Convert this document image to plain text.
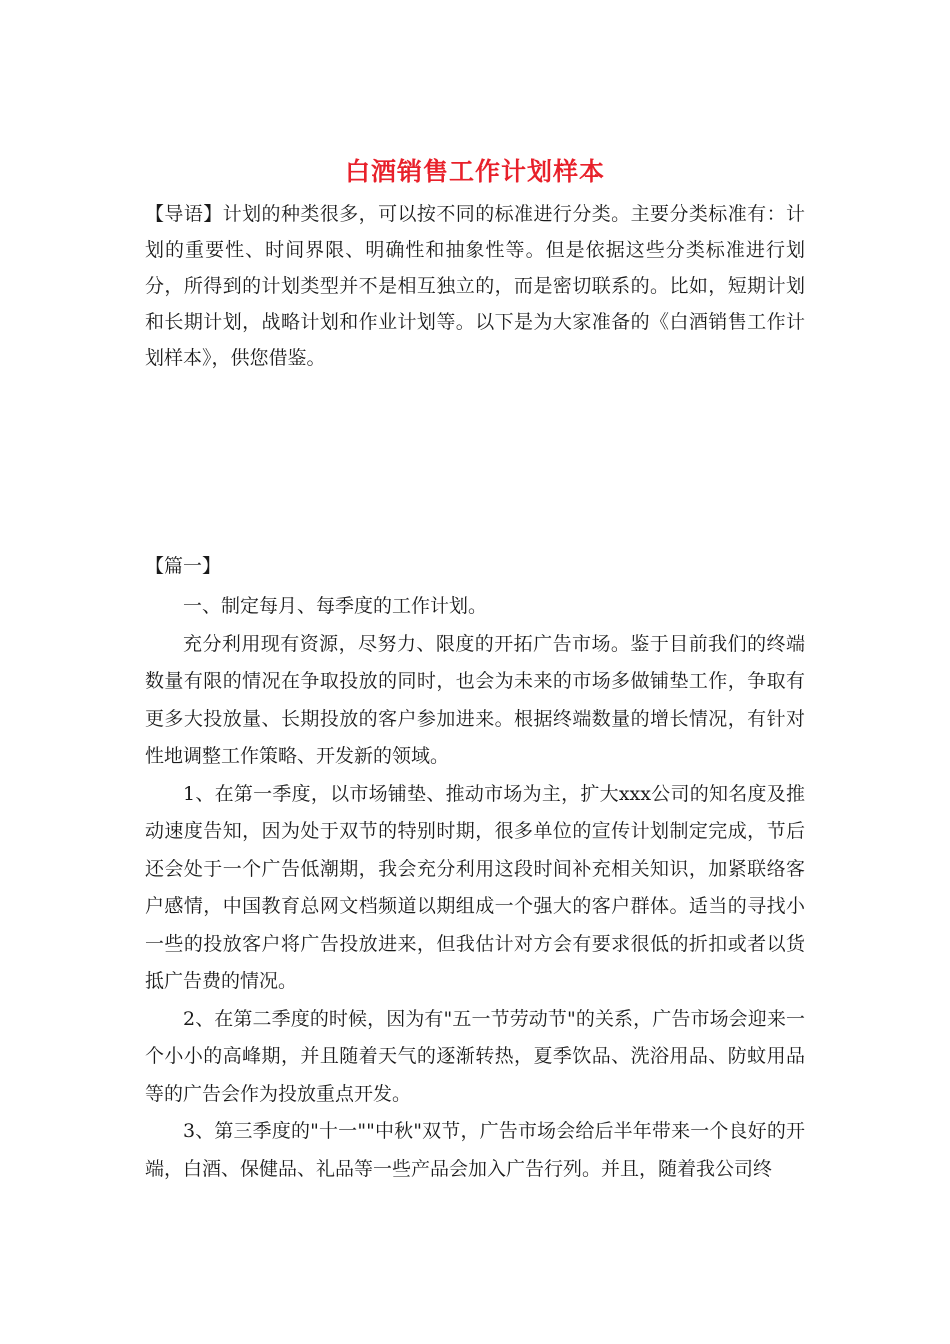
白酒销售工作计划样本

【导语】计划的种类很多，可以按不同的标准进行分类。主要分类标准有：计划的重要性、时间界限、明确性和抽象性等。但是依据这些分类标准进行划分，所得到的计划类型并不是相互独立的，而是密切联系的。比如，短期计划和长期计划，战略计划和作业计划等。以下是为大家准备的《白酒销售工作计划样本》，供您借鉴。

【篇一】

一、制定每月、每季度的工作计划。

充分利用现有资源，尽努力、限度的开拓广告市场。鉴于目前我们的终端数量有限的情况在争取投放的同时，也会为未来的市场多做铺垫工作，争取有更多大投放量、长期投放的客户参加进来。根据终端数量的增长情况，有针对性地调整工作策略、开发新的领域。

1、在第一季度，以市场铺垫、推动市场为主，扩大xxx公司的知名度及推动速度告知，因为处于双节的特别时期，很多单位的宣传计划制定完成，节后还会处于一个广告低潮期，我会充分利用这段时间补充相关知识，加紧联络客户感情，中国教育总网文档频道以期组成一个强大的客户群体。适当的寻找小一些的投放客户将广告投放进来，但我估计对方会有要求很低的折扣或者以货抵广告费的情况。

2、在第二季度的时候，因为有"五一节劳动节"的关系，广告市场会迎来一个小小的高峰期，并且随着天气的逐渐转热，夏季饮品、洗浴用品、防蚊用品等的广告会作为投放重点开发。

3、第三季度的"十一""中秋"双节，广告市场会给后半年带来一个良好的开端，白酒、保健品、礼品等一些产品会加入广告行列。并且，随着我公司终
